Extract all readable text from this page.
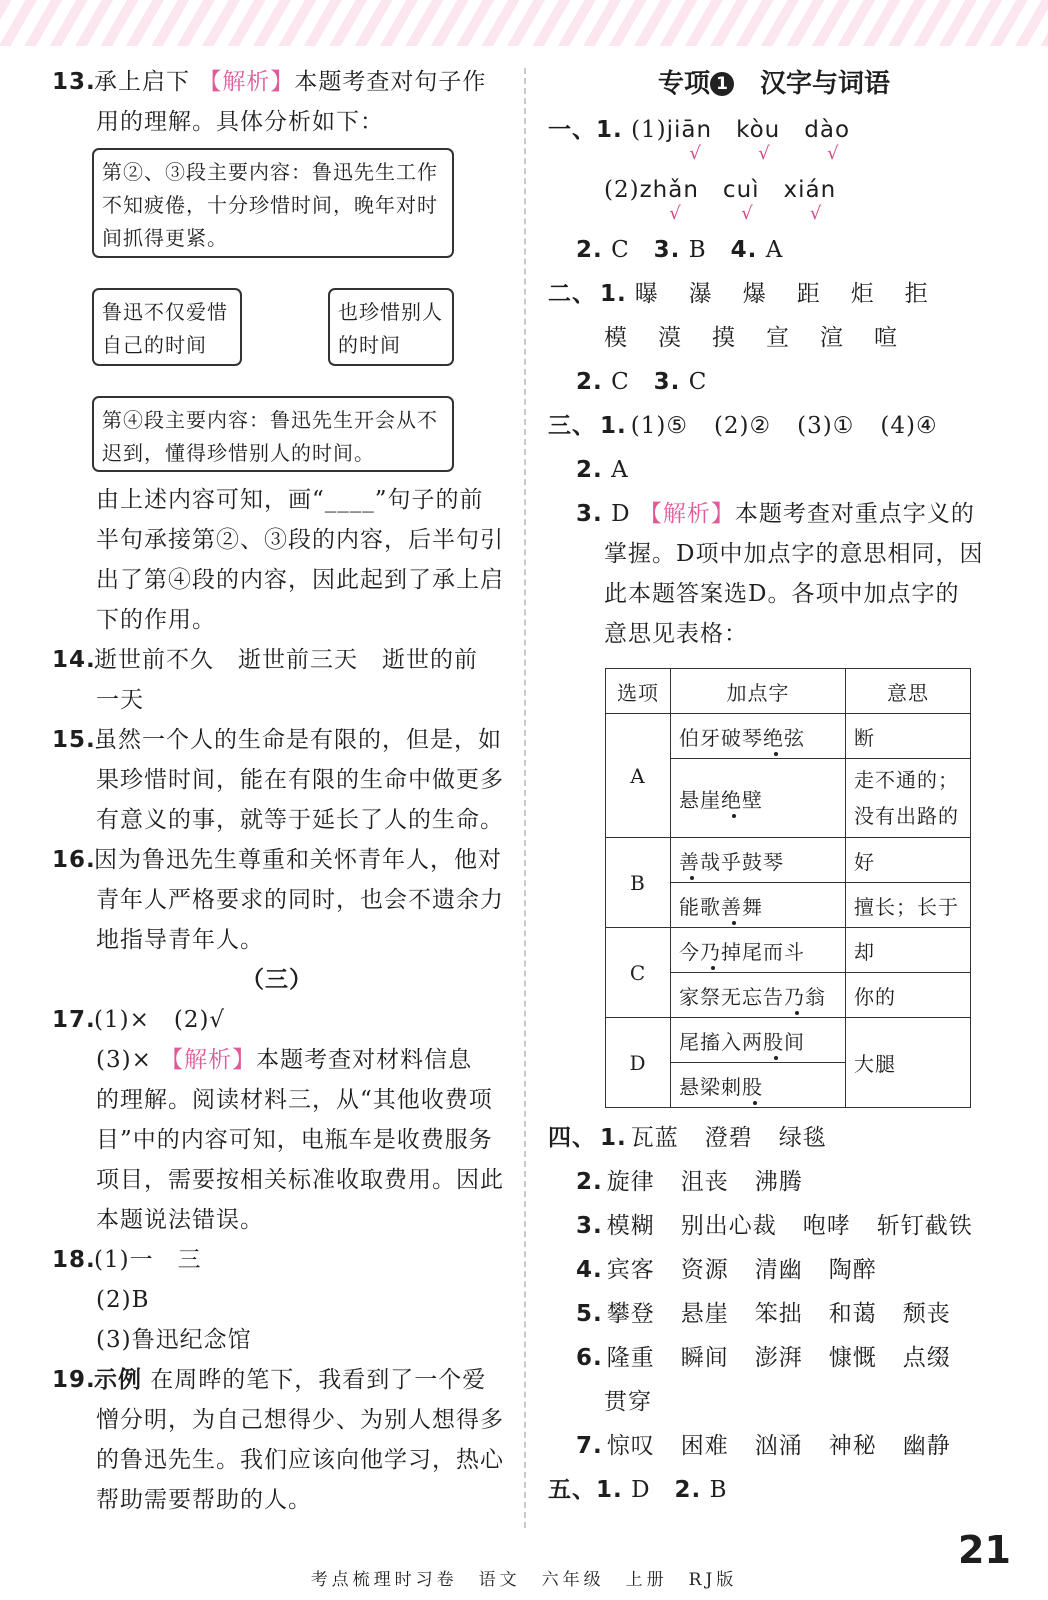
13.承上启下 【解析】本题考查对句子作
用的理解。具体分析如下：
第②、③段主要内容：鲁迅先生工作
不知疲倦，十分珍惜时间，晚年对时
间抓得更紧。
鲁迅不仅爱惜
自己的时间
也珍惜别人
的时间
第④段主要内容：鲁迅先生开会从不
迟到，懂得珍惜别人的时间。
由上述内容可知，画“____”句子的前
半句承接第②、③段的内容，后半句引
出了第④段的内容，因此起到了承上启
下的作用。
14.逝世前不久　逝世前三天　逝世的前
一天
15.虽然一个人的生命是有限的，但是，如
果珍惜时间，能在有限的生命中做更多
有意义的事，就等于延长了人的生命。
16.因为鲁迅先生尊重和关怀青年人，他对
青年人严格要求的同时，也会不遗余力
地指导青年人。
（三）
17.(1)×　(2)√
(3)× 【解析】本题考查对材料信息
的理解。阅读材料三，从“其他收费项
目”中的内容可知，电瓶车是收费服务
项目，需要按相关标准收取费用。因此
本题说法错误。
18.(1)一　三
(2)B
(3)鲁迅纪念馆
19.示例 在周晔的笔下，我看到了一个爱
憎分明，为自己想得少、为别人想得多
的鲁迅先生。我们应该向他学习，热心
帮助需要帮助的人。
专项 1　汉字与词语
一、1. (1)jiān
√
kòu
√
dào
√
(2)zhǎn
√
cuì
√
xián
√
2. C　 3. B　 4. A
二、 1. 曝 瀑 爆 距 炬 拒
模 漠 摸 宣 渲 喧
2. C　 3. C
三、 1. (1)⑤ (2)② (3)① (4)④
2. A
3. D 【解析】本题考查对重点字义的
掌握。D项中加点字的意思相同，因
此本题答案选D。各项中加点字的
意思见表格：
选项	加点字	意思
A	伯牙破琴绝弦	断
	悬崖绝壁	走不通的；
没有出路的

B	善哉乎鼓琴	好
	能歌善舞	擅长；长于
C	今乃掉尾而斗	却
	家祭无忘告乃翁	你的
D	尾搐入两股间	大腿
	悬梁刺股	
四、 1. 瓦蓝 澄碧 绿毯
2. 旋律 沮丧 沸腾
3. 模糊 别出心裁 咆哮 斩钉截铁
4. 宾客 资源 清幽 陶醉
5. 攀登 悬崖 笨拙 和蔼 颓丧
6. 隆重 瞬间 澎湃 慷慨 点缀
贯穿
7. 惊叹 困难 汹涌 神秘 幽静
五、1. D　 2. B
考点梳理时习卷　语文　六年级　上册　RJ版
21
